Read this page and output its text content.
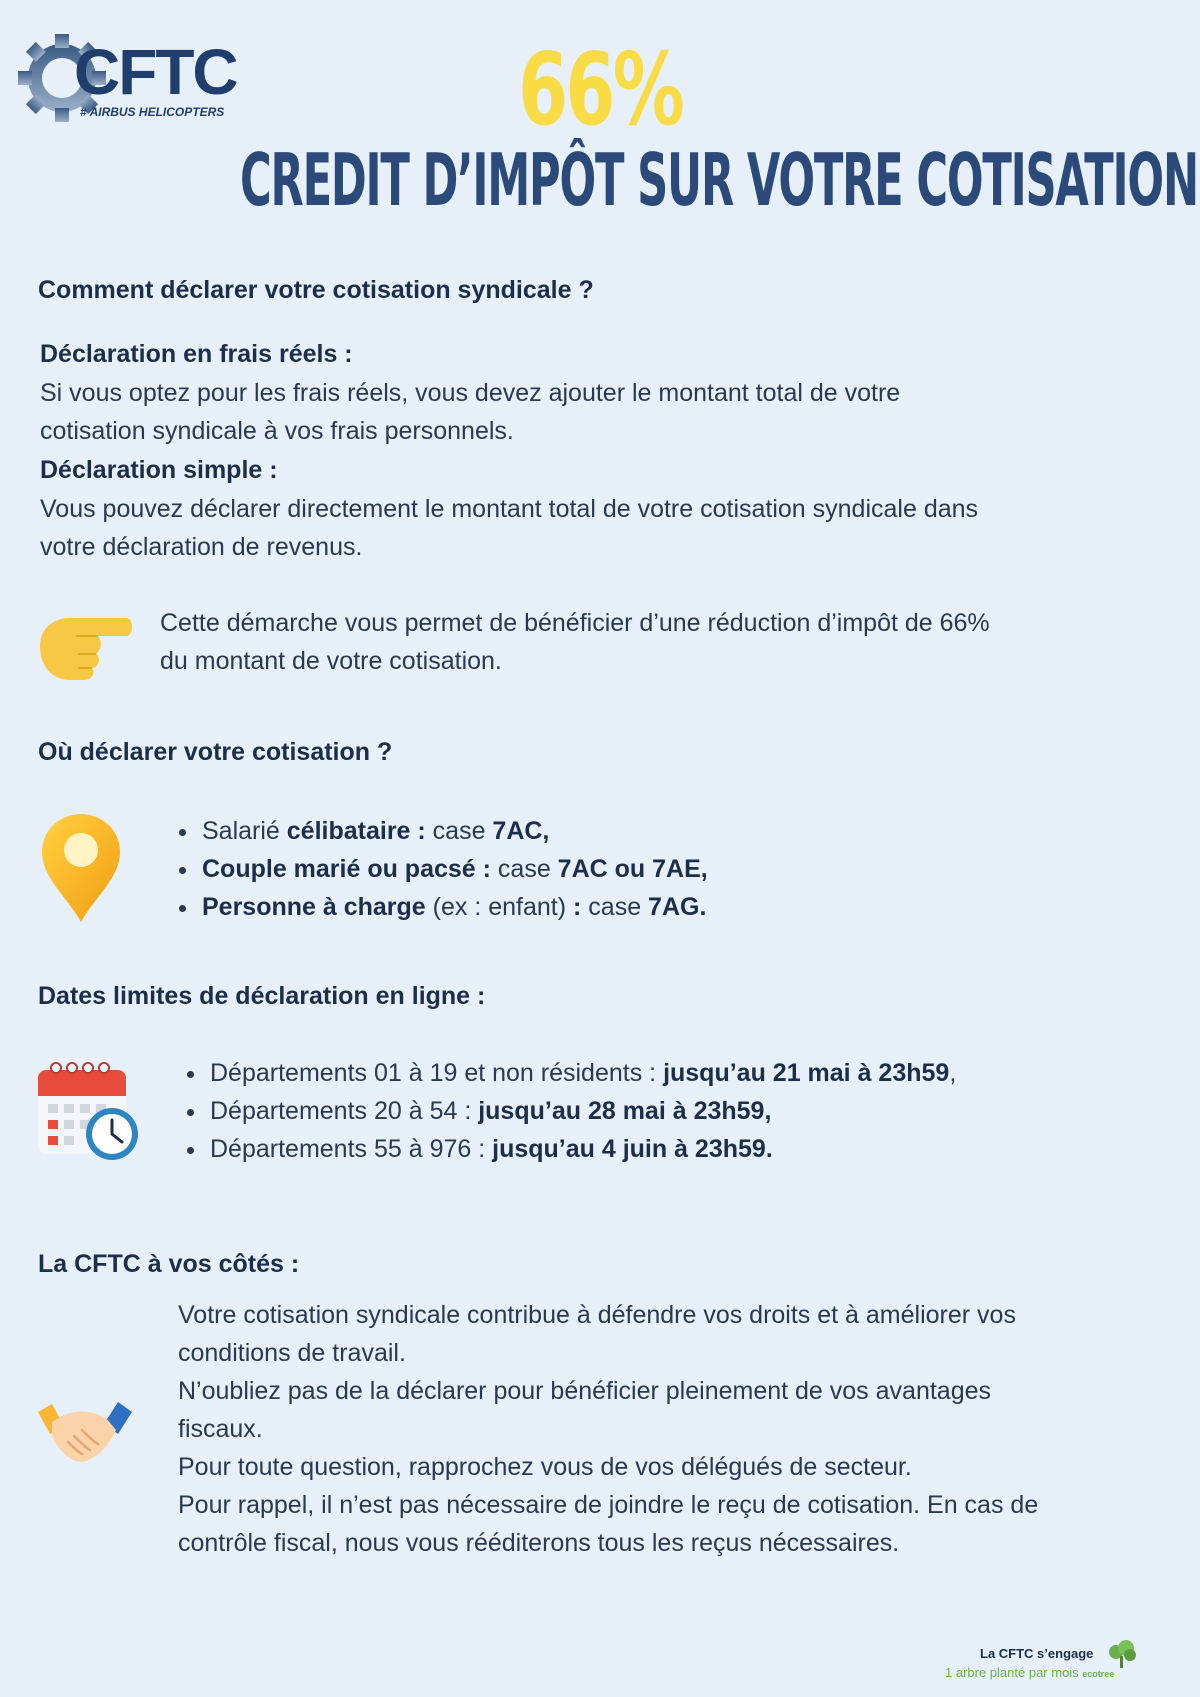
CFTC
# AIRBUS HELICOPTERS	66%
CREDIT D’IMPÔT SUR VOTRE COTISATION
Comment déclarer votre cotisation syndicale ?
Déclaration en frais réels :
Si vous optez pour les frais réels, vous devez ajouter le montant total de votre
cotisation syndicale à vos frais personnels.
Déclaration simple :
Vous pouvez déclarer directement le montant total de votre cotisation syndicale dans
votre déclaration de revenus.
Cette démarche vous permet de bénéficier d’une réduction d’impôt de 66%
du montant de votre cotisation.
Où déclarer votre cotisation ?
• Salarié célibataire : case 7AC,
• Couple marié ou pacsé : case 7AC ou 7AE,
• Personne à charge (ex : enfant) : case 7AG.
Dates limites de déclaration en ligne :
• Départements 01 à 19 et non résidents : jusqu’au 21 mai à 23h59,
• Départements 20 à 54 : jusqu’au 28 mai à 23h59,
• Départements 55 à 976 : jusqu’au 4 juin à 23h59.
La CFTC à vos côtés :
Votre cotisation syndicale contribue à défendre vos droits et à améliorer vos
conditions de travail.
N’oubliez pas de la déclarer pour bénéficier pleinement de vos avantages
fiscaux.
Pour toute question, rapprochez vous de vos délégués de secteur.
Pour rappel, il n’est pas nécessaire de joindre le reçu de cotisation. En cas de
contrôle fiscal, nous vous rééditerons tous les reçus nécessaires.
La CFTC s’engage
1 arbre planté par mois ecotree
